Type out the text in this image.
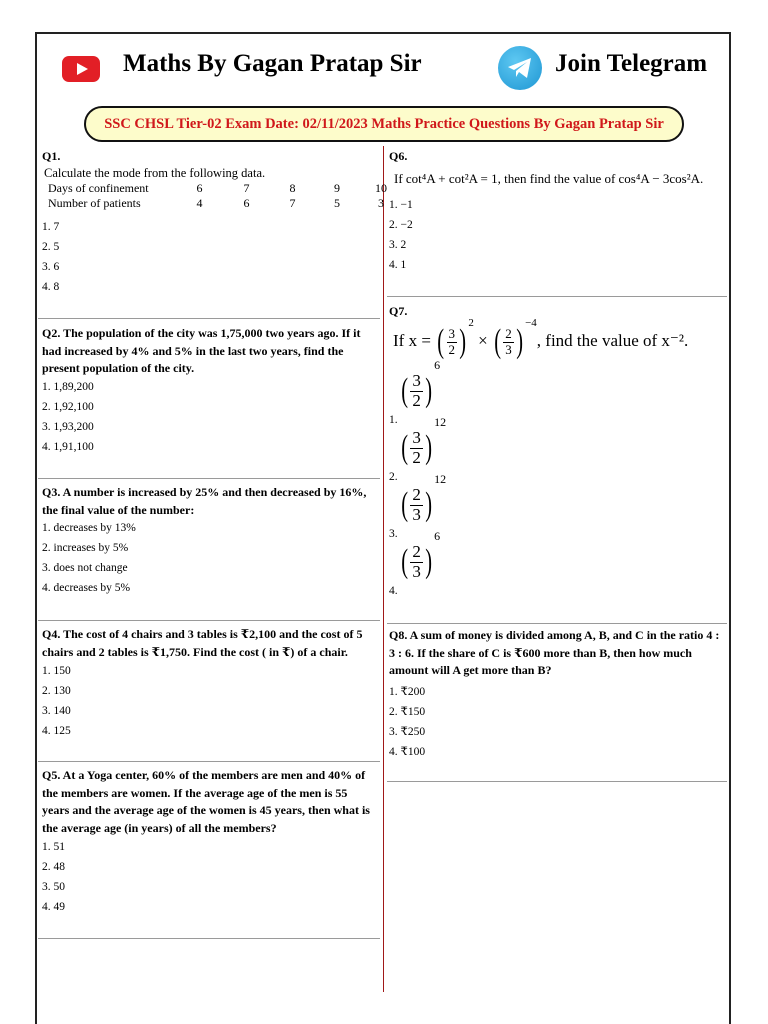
Maths By Gagan Pratap Sir	Join Telegram
SSC CHSL Tier-02 Exam Date: 02/11/2023 Maths Practice Questions By Gagan Pratap Sir
Q1.
Calculate the mode from the following data.
Days of confinement	6	7	8	9	10
Number of patients	4	6	7	5	3
1. 7
2. 5
3. 6
4. 8
Q2. The population of the city was 1,75,000 two years ago. If it had increased by 4% and 5% in the last two years, find the present population of the city.
1. 1,89,200
2. 1,92,100
3. 1,93,200
4. 1,91,100
Q3. A number is increased by 25% and then decreased by 16%, the final value of the number:
1. decreases by 13%
2. increases by 5%
3. does not change
4. decreases by 5%
Q4. The cost of 4 chairs and 3 tables is ₹2,100 and the cost of 5 chairs and 2 tables is ₹1,750. Find the cost ( in ₹) of a chair.
1. 150
2. 130
3. 140
4. 125
Q5. At a Yoga center, 60% of the members are men and 40% of the members are women. If the average age of the men is 55 years and the average age of the women is 45 years, then what is the average age (in years) of all the members?
1. 51
2. 48
3. 50
4. 49
Q6.
If cot⁴A + cot²A = 1, then find the value of cos⁴A − 3cos²A.
1. −1
2. −2
3. 2
4. 1
Q7.
If x = ( $\frac{3}{2}$ ) $^2$ × ( $\frac{2}{3}$ ) $^{-4}$, find the value of x⁻².
1.
( $\frac{3}{2} )^6$
2.
( $\frac{3}{2} )^{12}$
3.
( $\frac{2}{3} )^{12}$
4.
( $\frac{2}{3} )^6$
Q8. A sum of money is divided among A, B, and C in the ratio 4 : 3 : 6. If the share of C is ₹600 more than B, then how much amount will A get more than B?
1. ₹200
2. ₹150
3. ₹250
4. ₹100
